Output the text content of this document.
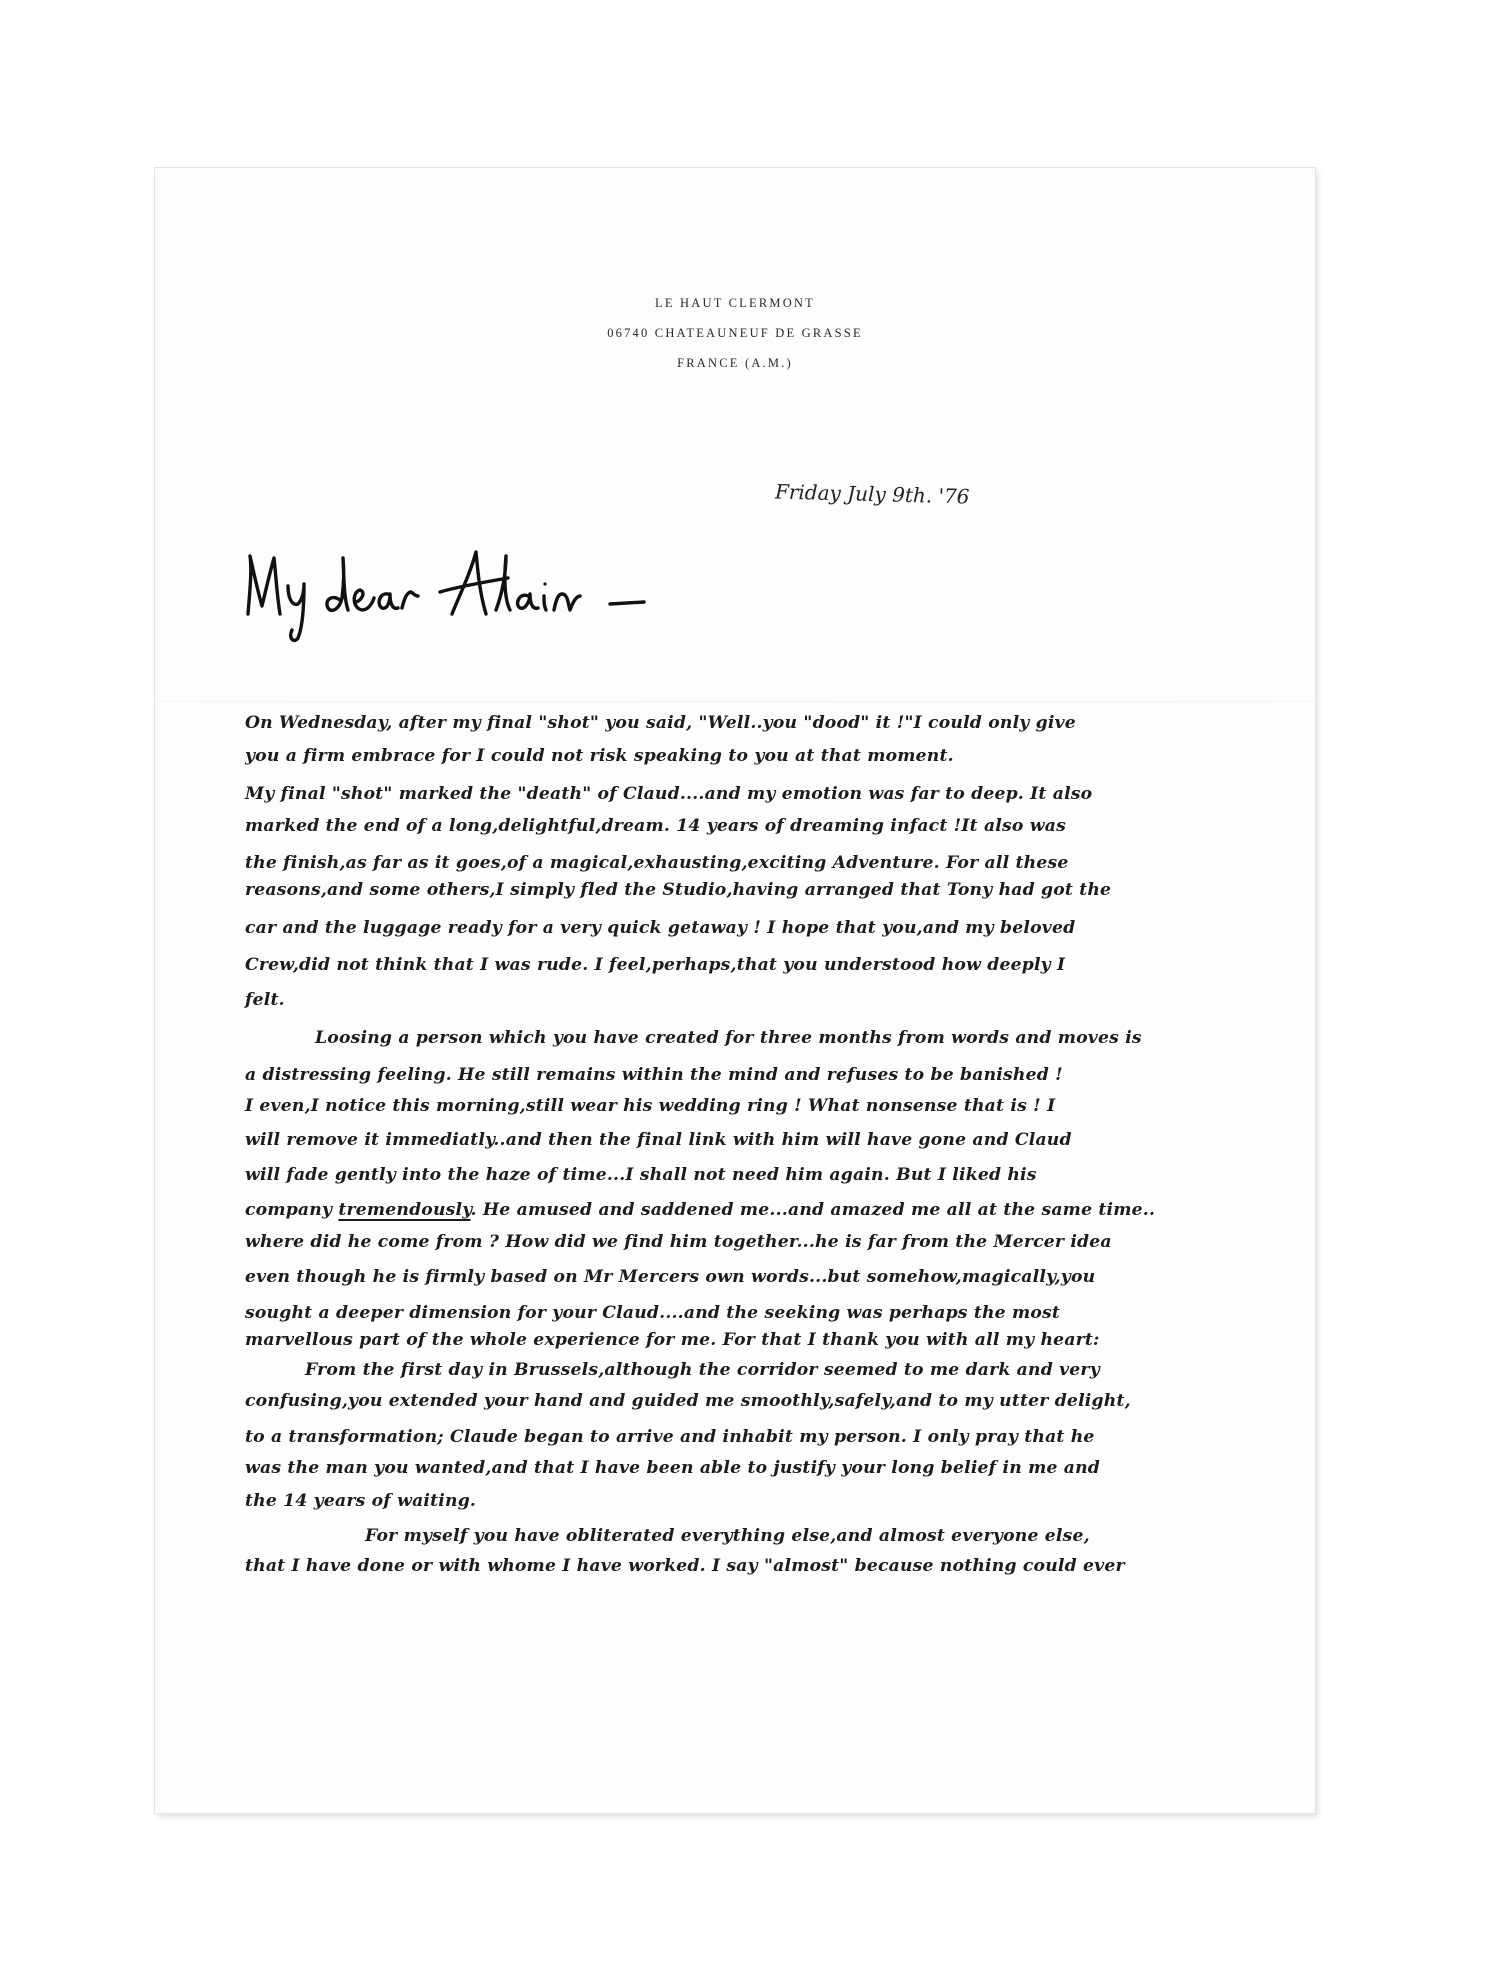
LE HAUT CLERMONT
06740 CHATEAUNEUF DE GRASSE
FRANCE (A.M.)
Friday July 9th. '76
On Wednesday, after my final "shot" you said, "Well..you "dood" it !"I could only give
you a firm embrace for I could not risk speaking to you at that moment.
My final "shot" marked the "death" of Claud....and my emotion was far to deep. It also
marked the end of a long,delightful,dream. 14 years of dreaming infact !It also was
the finish,as far as it goes,of a magical,exhausting,exciting Adventure. For all these
reasons,and some others,I simply fled the Studio,having arranged that Tony had got the
car and the luggage ready for a very quick getaway ! I hope that you,and my beloved
Crew,did not think that I was rude. I feel,perhaps,that you understood how deeply I
felt.
Loosing a person which you have created for three months from words and moves is
a distressing feeling. He still remains within the mind and refuses to be banished !
I even,I notice this morning,still wear his wedding ring ! What nonsense that is ! I
will remove it immediatly..and then the final link with him will have gone and Claud
will fade gently into the haze of time...I shall not need him again. But I liked his
company tremendously. He amused and saddened me...and amazed me all at the same time..
where did he come from ? How did we find him together...he is far from the Mercer idea
even though he is firmly based on Mr Mercers own words...but somehow,magically,you
sought a deeper dimension for your Claud....and the seeking was perhaps the most
marvellous part of the whole experience for me. For that I thank you with all my heart:
From the first day in Brussels,although the corridor seemed to me dark and very
confusing,you extended your hand and guided me smoothly,safely,and to my utter delight,
to a transformation; Claude began to arrive and inhabit my person. I only pray that he
was the man you wanted,and that I have been able to justify your long belief in me and
the 14 years of waiting.
For myself you have obliterated everything else,and almost everyone else,
that I have done or with whome I have worked. I say "almost" because nothing could ever
